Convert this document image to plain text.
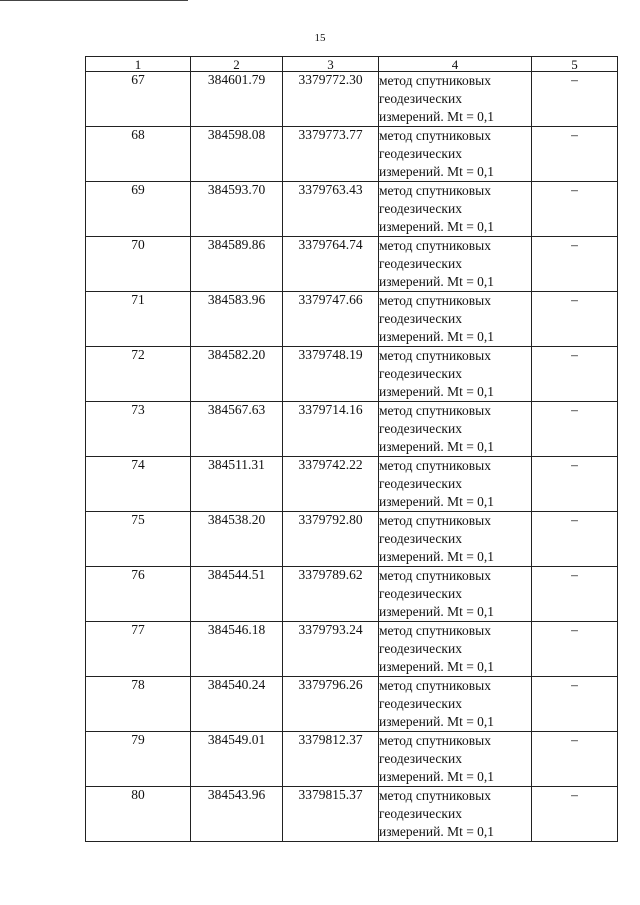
15
1	2	3	4	5
67	384601.79	3379772.30	метод спутниковых
геодезических
измерений. Mt = 0,1	–
68	384598.08	3379773.77	метод спутниковых
геодезических
измерений. Mt = 0,1	–
69	384593.70	3379763.43	метод спутниковых
геодезических
измерений. Mt = 0,1	–
70	384589.86	3379764.74	метод спутниковых
геодезических
измерений. Mt = 0,1	–
71	384583.96	3379747.66	метод спутниковых
геодезических
измерений. Mt = 0,1	–
72	384582.20	3379748.19	метод спутниковых
геодезических
измерений. Mt = 0,1	–
73	384567.63	3379714.16	метод спутниковых
геодезических
измерений. Mt = 0,1	–
74	384511.31	3379742.22	метод спутниковых
геодезических
измерений. Mt = 0,1	–
75	384538.20	3379792.80	метод спутниковых
геодезических
измерений. Mt = 0,1	–
76	384544.51	3379789.62	метод спутниковых
геодезических
измерений. Mt = 0,1	–
77	384546.18	3379793.24	метод спутниковых
геодезических
измерений. Mt = 0,1	–
78	384540.24	3379796.26	метод спутниковых
геодезических
измерений. Mt = 0,1	–
79	384549.01	3379812.37	метод спутниковых
геодезических
измерений. Mt = 0,1	–
80	384543.96	3379815.37	метод спутниковых
геодезических
измерений. Mt = 0,1	–
